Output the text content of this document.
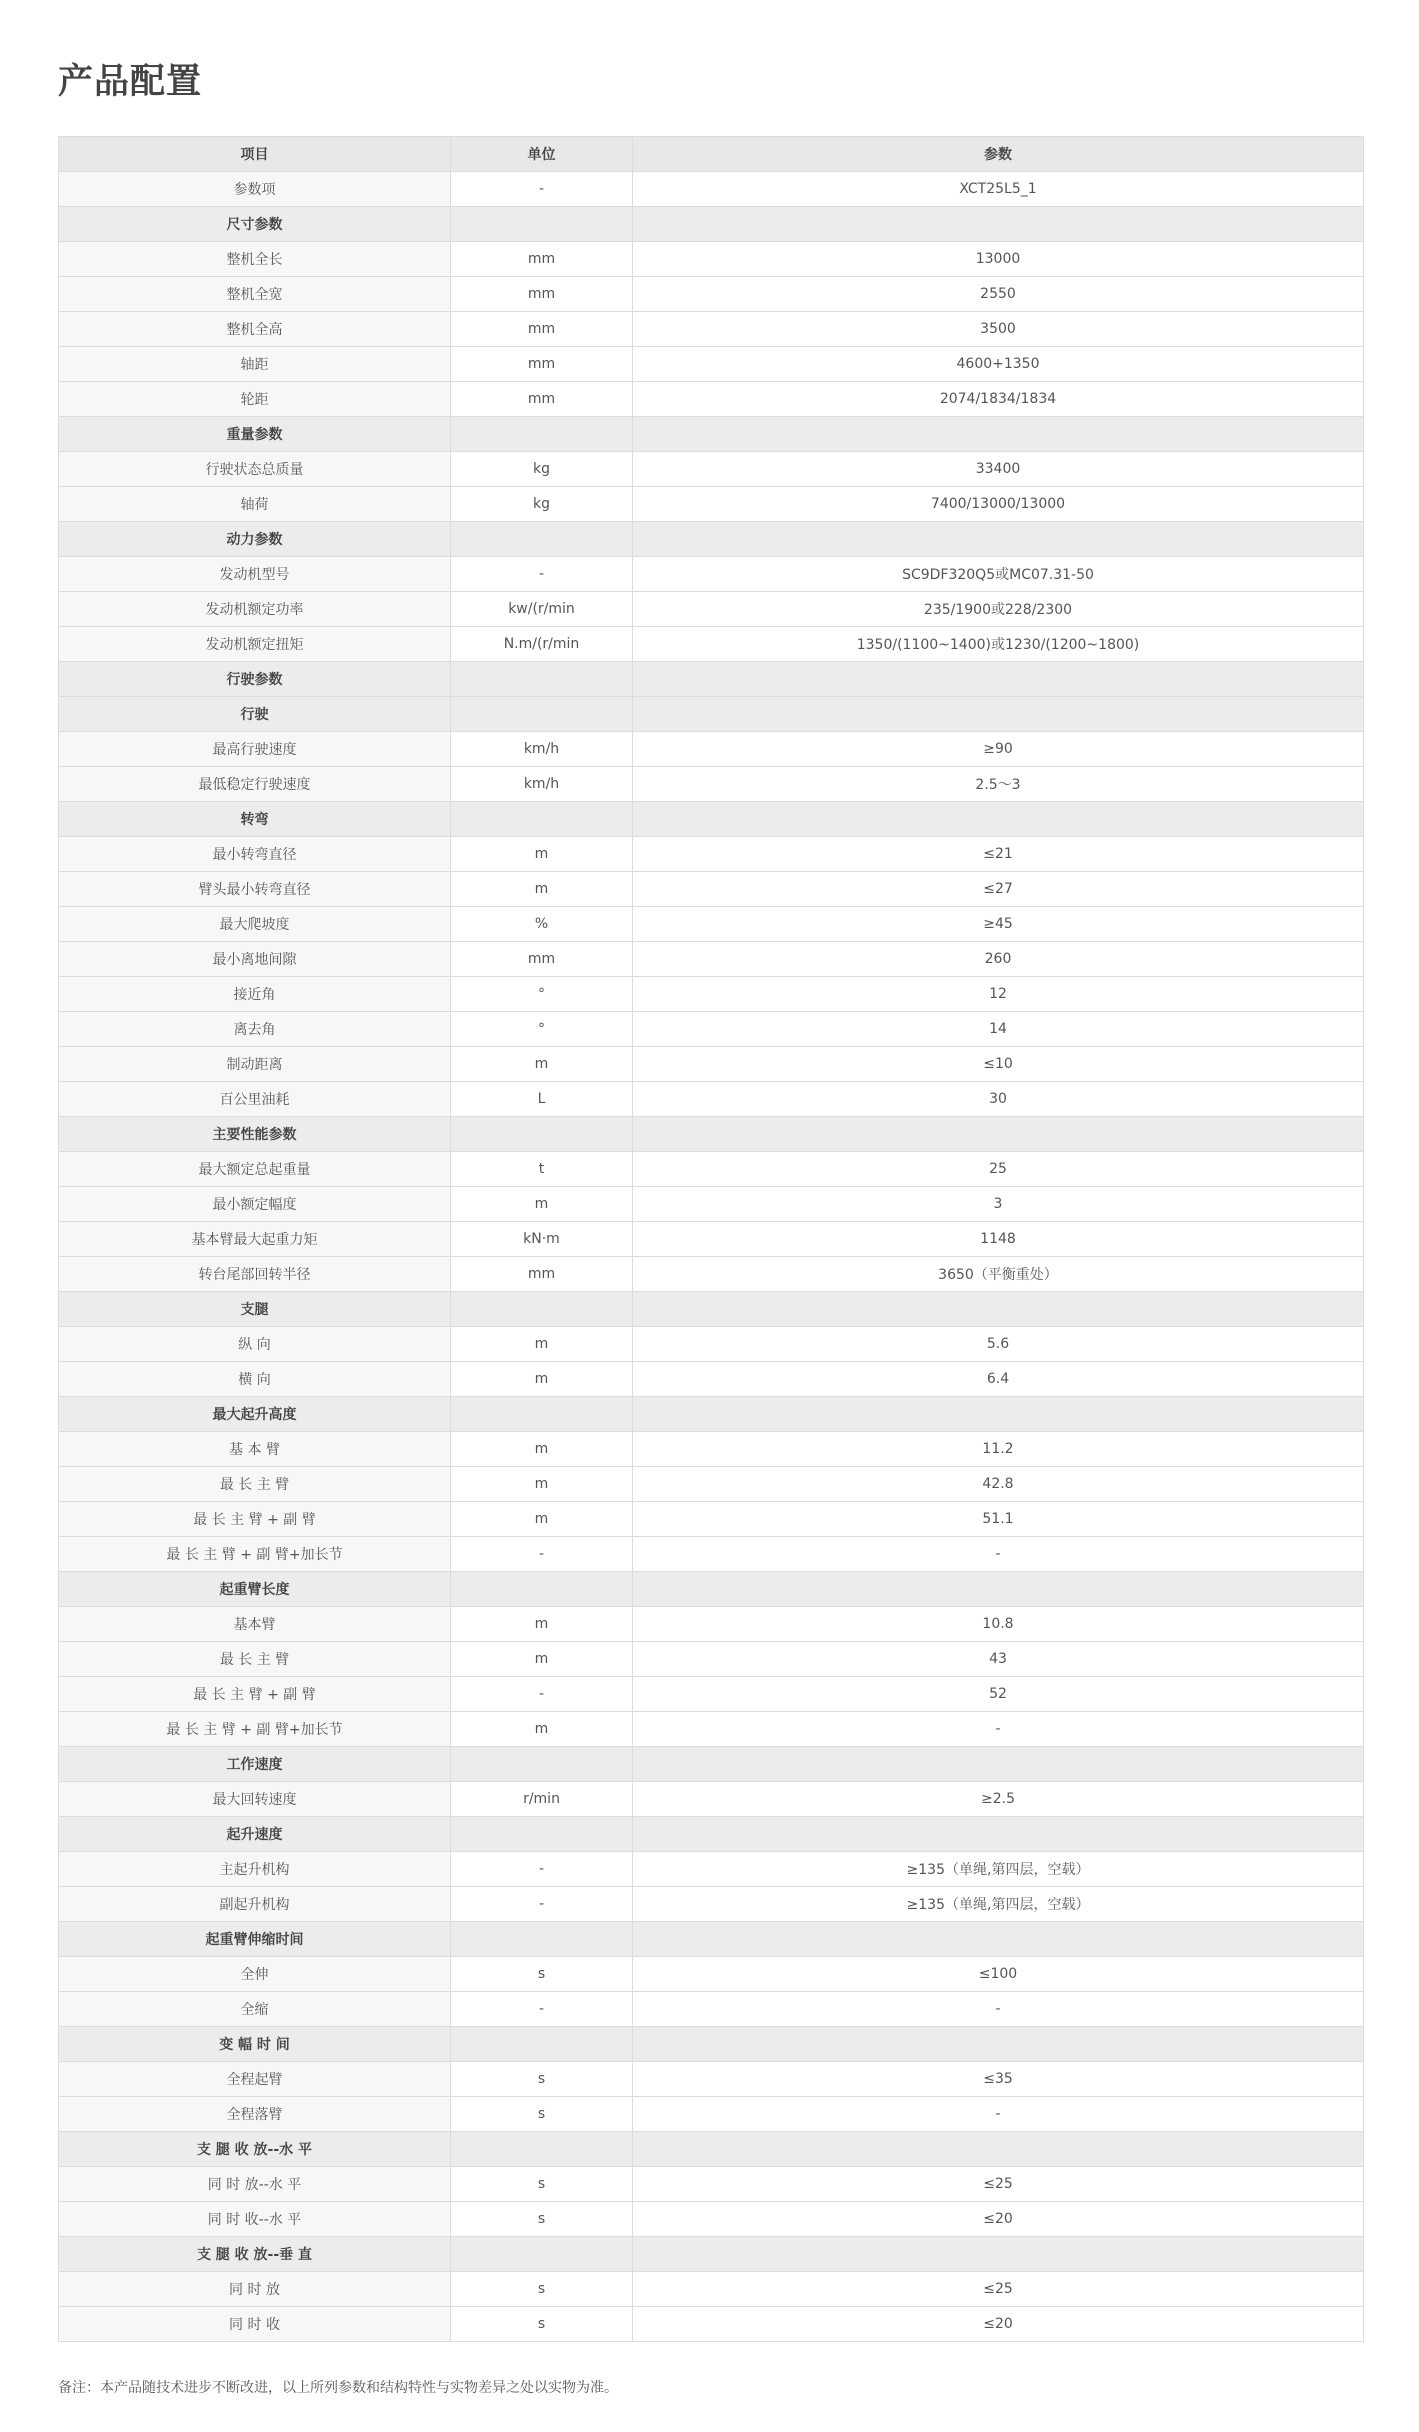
产品配置
项目	单位	参数
参数项	-	XCT25L5_1
尺寸参数		
整机全长	mm	13000
整机全宽	mm	2550
整机全高	mm	3500
轴距	mm	4600+1350
轮距	mm	2074/1834/1834
重量参数		
行驶状态总质量	kg	33400
轴荷	kg	7400/13000/13000
动力参数		
发动机型号	-	SC9DF320Q5或MC07.31-50
发动机额定功率	kw/(r/min	235/1900或228/2300
发动机额定扭矩	N.m/(r/min	1350/(1100~1400)或1230/(1200~1800)
行驶参数		
行驶		
最高行驶速度	km/h	≥90
最低稳定行驶速度	km/h	2.5～3
转弯		
最小转弯直径	m	≤21
臂头最小转弯直径	m	≤27
最大爬坡度	%	≥45
最小离地间隙	mm	260
接近角	°	12
离去角	°	14
制动距离	m	≤10
百公里油耗	L	30
主要性能参数		
最大额定总起重量	t	25
最小额定幅度	m	3
基本臂最大起重力矩	kN·m	1148
转台尾部回转半径	mm	3650（平衡重处）
支腿		
纵 向	m	5.6
横 向	m	6.4
最大起升高度		
基 本 臂	m	11.2
最 长 主 臂	m	42.8
最 长 主 臂 + 副 臂	m	51.1
最 长 主 臂 + 副 臂+加长节	-	-
起重臂长度		
基本臂	m	10.8
最 长 主 臂	m	43
最 长 主 臂 + 副 臂	-	52
最 长 主 臂 + 副 臂+加长节	m	-
工作速度		
最大回转速度	r/min	≥2.5
起升速度		
主起升机构	-	≥135（单绳,第四层，空载）
副起升机构	-	≥135（单绳,第四层，空载）
起重臂伸缩时间		
全伸	s	≤100
全缩	-	-
变 幅 时 间		
全程起臂	s	≤35
全程落臂	s	-
支 腿 收 放--水 平		
同 时 放--水 平	s	≤25
同 时 收--水 平	s	≤20
支 腿 收 放--垂 直		
同 时 放	s	≤25
同 时 收	s	≤20
备注：本产品随技术进步不断改进，以上所列参数和结构特性与实物差异之处以实物为准。
